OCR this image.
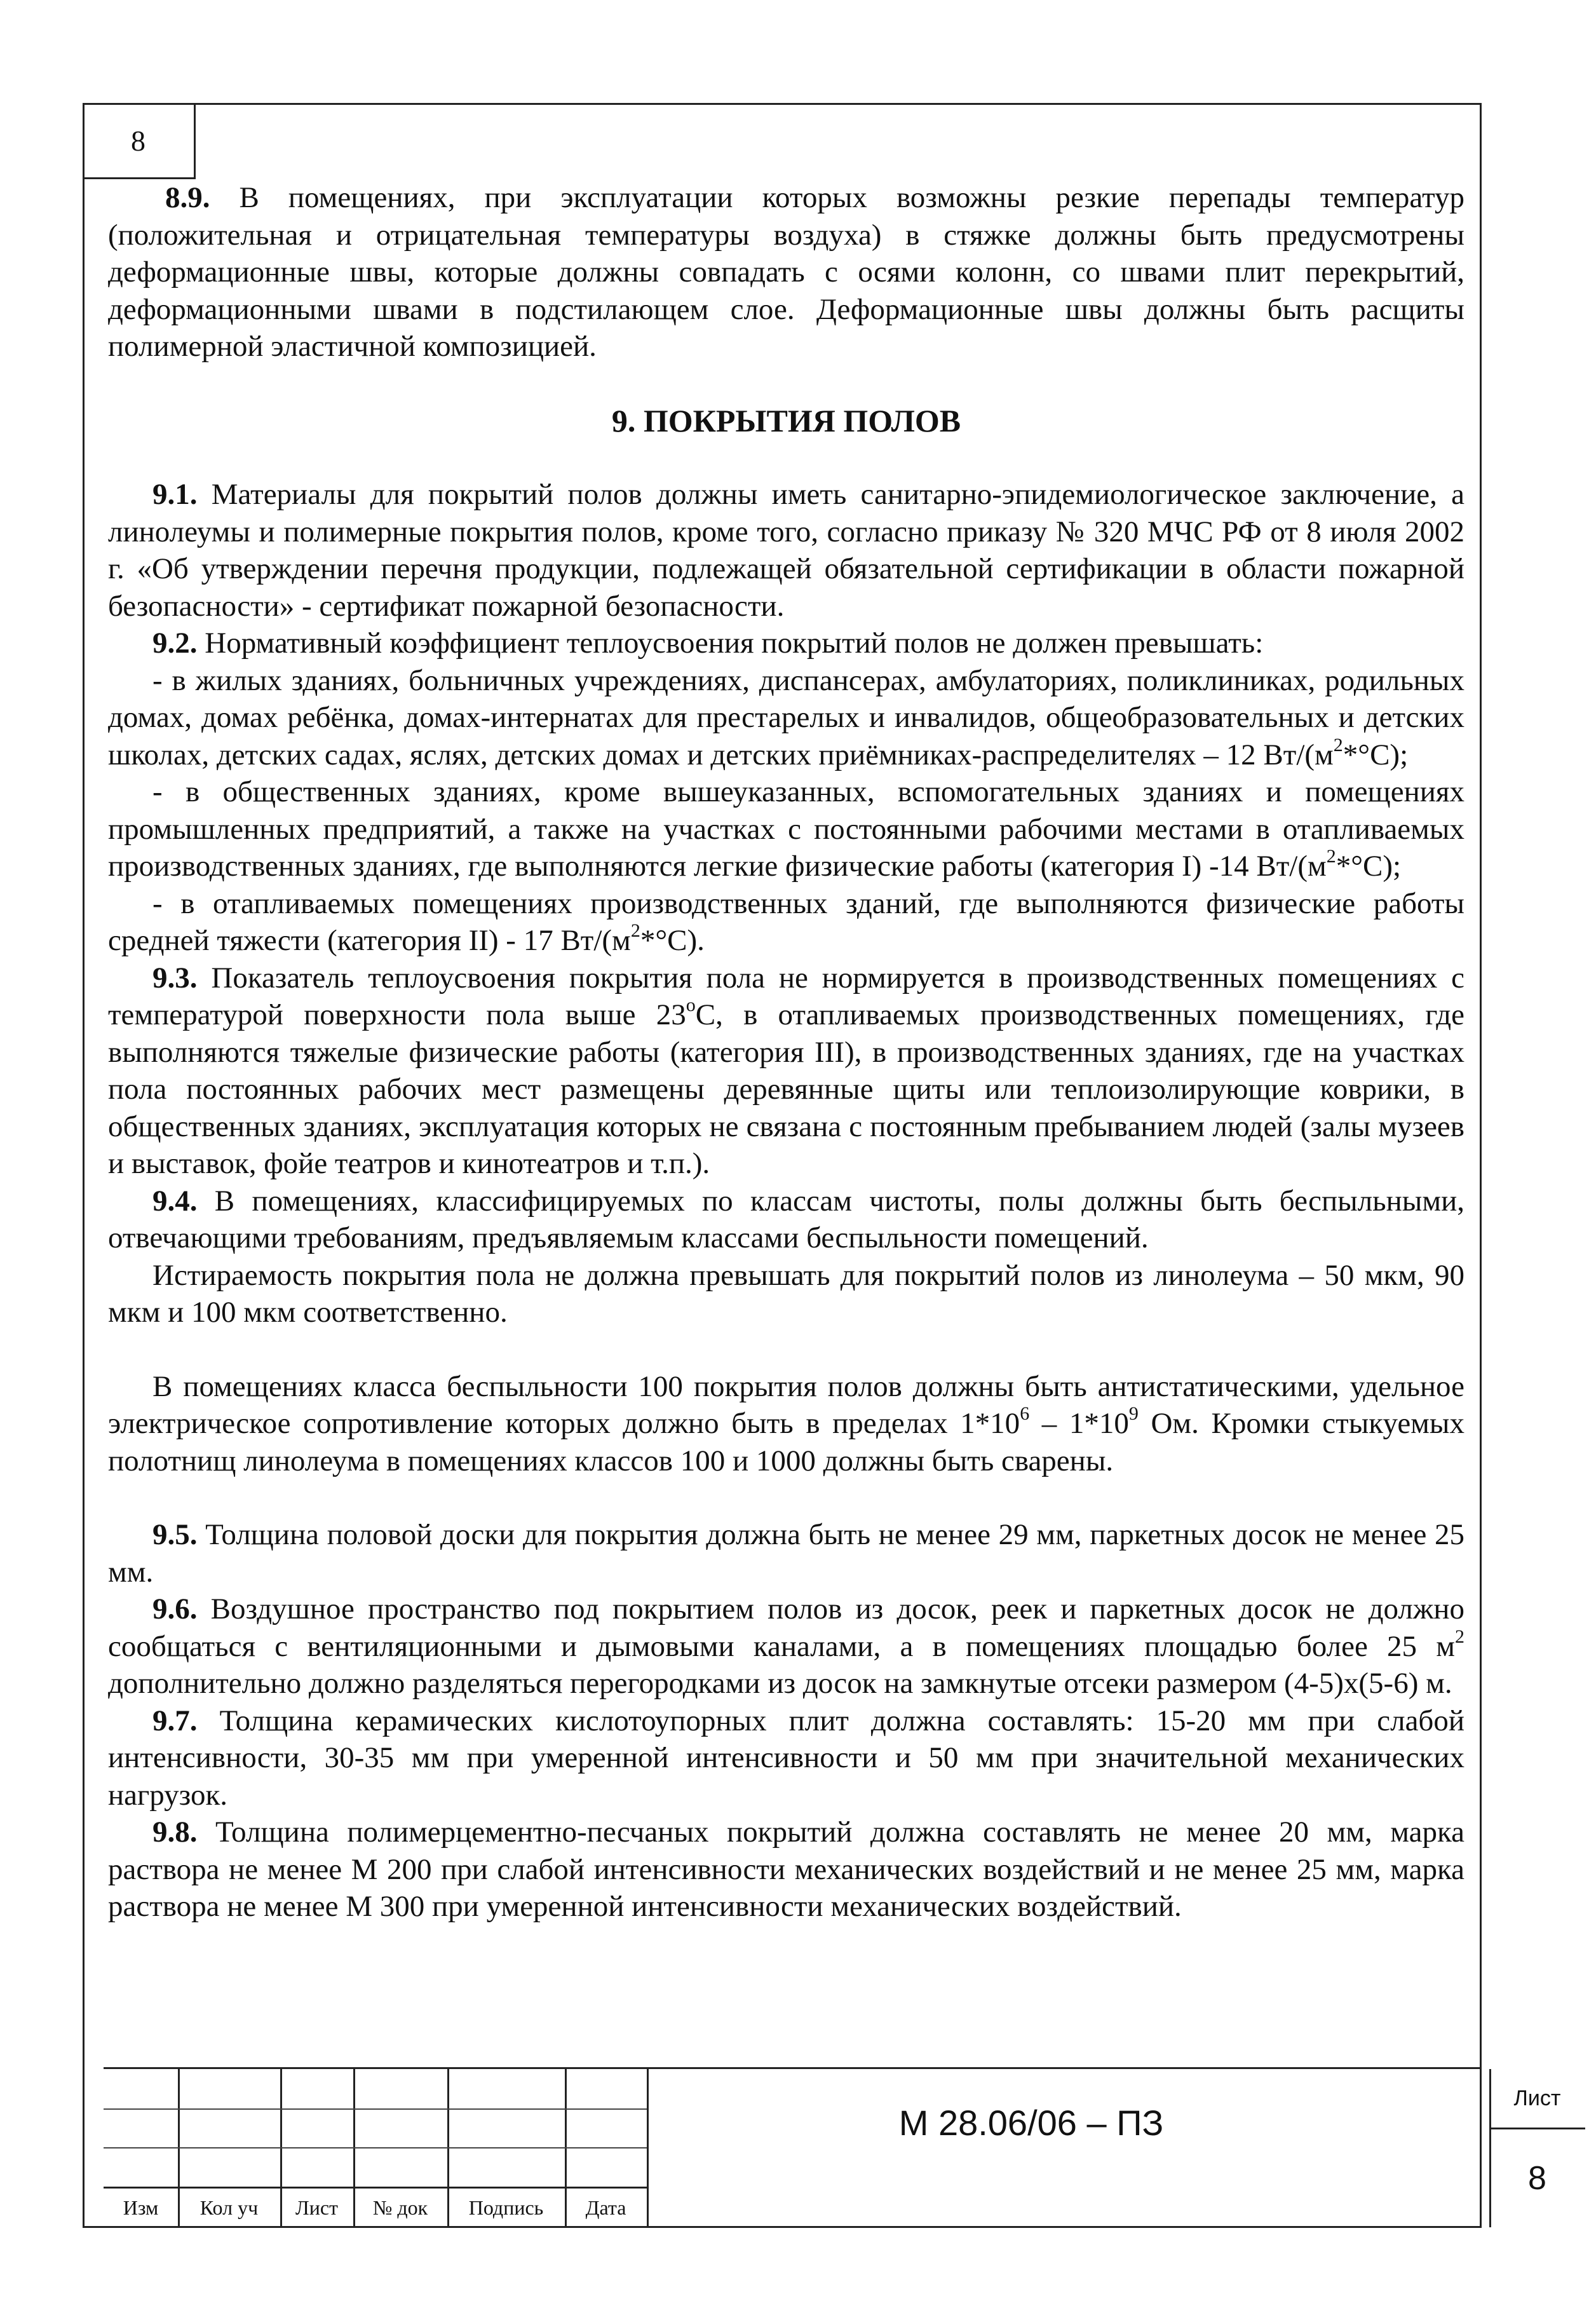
8

8.9. В помещениях, при эксплуатации которых возможны резкие перепады температур (положительная и отрицательная температуры воздуха) в стяжке должны быть предусмотрены деформационные швы, которые должны совпадать с осями колонн, со швами плит перекрытий, деформационными швами в подстилающем слое. Деформационные швы должны быть расщиты полимерной эластичной композицией.

9. ПОКРЫТИЯ ПОЛОВ

9.1. Материалы для покрытий полов должны иметь санитарно-эпидемиологическое заключение, а линолеумы и полимерные покрытия полов, кроме того, согласно приказу № 320 МЧС РФ от 8 июля 2002 г. «Об утверждении перечня продукции, подлежащей обязательной сертификации в области пожарной безопасности» - сертификат пожарной безопасности.

9.2. Нормативный коэффициент теплоусвоения покрытий полов не должен превышать:

- в жилых зданиях, больничных учреждениях, диспансерах, амбулаториях, поликлиниках, родильных домах, домах ребёнка, домах-интернатах для престарелых и инвалидов, общеобразовательных и детских школах, детских садах, яслях, детских домах и детских приёмниках-распределителях – 12 $Вт/(м^2*^\circ С)$;

- в общественных зданиях, кроме вышеуказанных, вспомогательных зданиях и помещениях промышленных предприятий, а также на участках с постоянными рабочими местами в отапливаемых производственных зданиях, где выполняются легкие физические работы (категория I) -14 $Вт/(м^2*^\circ С)$;

- в отапливаемых помещениях производственных зданий, где выполняются физические работы средней тяжести (категория II) - 17 $Вт/(м^2*^\circ С)$.

9.3. Показатель теплоусвоения покрытия пола не нормируется в производственных помещениях с температурой поверхности пола выше $23^оС$, в отапливаемых производственных помещениях, где выполняются тяжелые физические работы (категория III), в производственных зданиях, где на участках пола постоянных рабочих мест размещены деревянные щиты или теплоизолирующие коврики, в общественных зданиях, эксплуатация которых не связана с постоянным пребыванием людей (залы музеев и выставок, фойе театров и кинотеатров и т.п.).

9.4. В помещениях, классифицируемых по классам чистоты, полы должны быть беспыльными, отвечающими требованиям, предъявляемым классами беспыльности помещений.

Истираемость покрытия пола не должна превышать для покрытий полов из линолеума – 50 мкм, 90 мкм и 100 мкм соответственно.

В помещениях класса беспыльности 100 покрытия полов должны быть антистатическими, удельное электрическое сопротивление которых должно быть в пределах $1*10^6 - 1*10^9$ Ом. Кромки стыкуемых полотнищ линолеума в помещениях классов 100 и 1000 должны быть сварены.

9.5. Толщина половой доски для покрытия должна быть не менее 29 мм, паркетных досок не менее 25 мм.

9.6. Воздушное пространство под покрытием полов из досок, реек и паркетных досок не должно сообщаться с вентиляционными и дымовыми каналами, а в помещениях площадью более 25 $м^2$ дополнительно должно разделяться перегородками из досок на замкнутые отсеки размером (4-5)х(5-6) м.

9.7. Толщина керамических кислотоупорных плит должна составлять: 15-20 мм при слабой интенсивности, 30-35 мм при умеренной интенсивности и 50 мм при значительной механических нагрузок.

9.8. Толщина полимерцементно-песчаных покрытий должна составлять не менее 20 мм, марка раствора не менее М 200 при слабой интенсивности механических воздействий и не менее 25 мм, марка раствора не менее М 300 при умеренной интенсивности механических воздействий.

Изм	Кол уч	Лист	№ док	Подпись	Дата
М 28.06/06 – ПЗ
Лист
8
